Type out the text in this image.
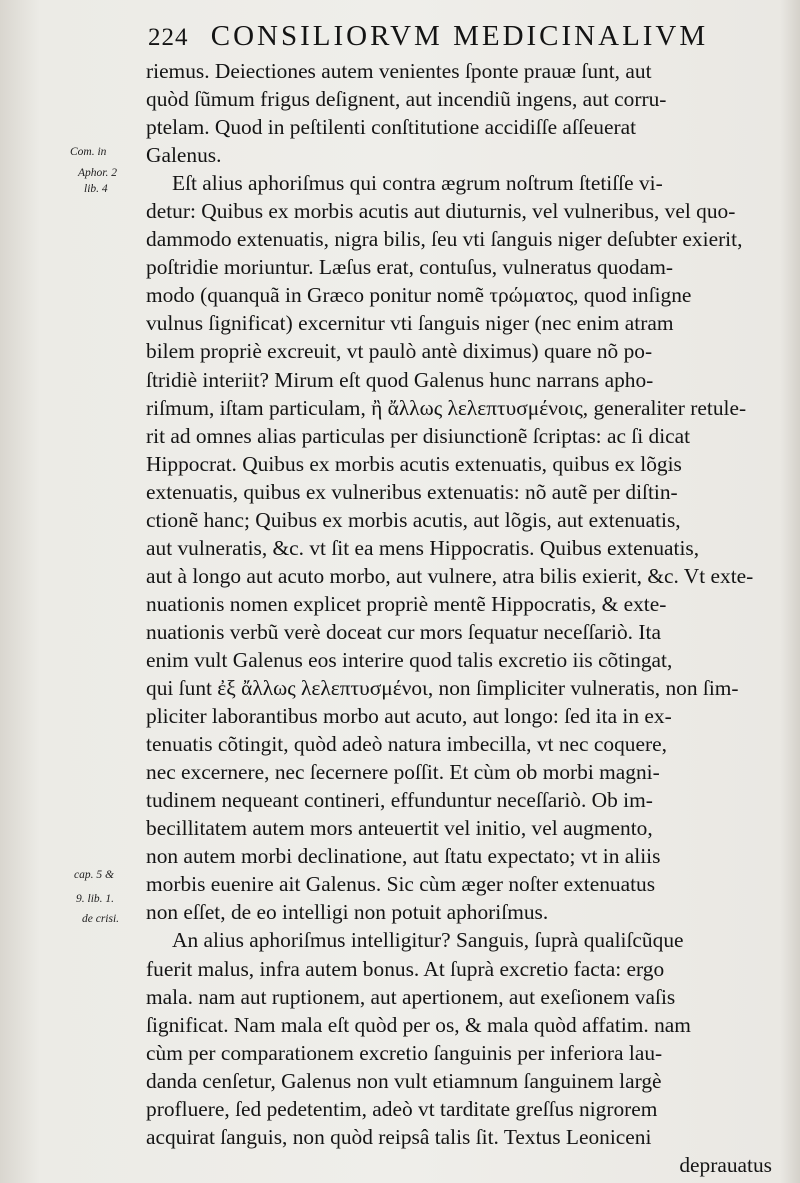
224 CONSILIORVM MEDICINALIVM
Com. in
Aphor. 2
lib. 4
cap. 5 &
9. lib. 1.
de crisi.
riemus. Deiectiones autem venientes ſponte prauæ ſunt, aut
quòd ſũmum frigus deſignent, aut incendiũ ingens, aut corru-
ptelam. Quod in peſtilenti conſtitutione accidiſſe aſſeuerat
Galenus.
Eſt alius aphoriſmus qui contra ægrum noſtrum ſtetiſſe vi-
detur: Quibus ex morbis acutis aut diuturnis, vel vulneribus, vel quo-
dammodo extenuatis, nigra bilis, ſeu vti ſanguis niger deſubter exierit,
poſtridie moriuntur. Læſus erat, contuſus, vulneratus quodam-
modo (quanquã in Græco ponitur nomẽ τρώματος, quod inſigne
vulnus ſignificat) excernitur vti ſanguis niger (nec enim atram
bilem propriè excreuit, vt paulò antè diximus) quare nõ po-
ſtridiè interiit? Mirum eſt quod Galenus hunc narrans apho-
riſmum, iſtam particulam, ἢ ἄλλως λελεπτυσμένοις, generaliter retule-
rit ad omnes alias particulas per disiunctionẽ ſcriptas: ac ſi dicat
Hippocrat. Quibus ex morbis acutis extenuatis, quibus ex lõgis
extenuatis, quibus ex vulneribus extenuatis: nõ autẽ per diſtin-
ctionẽ hanc; Quibus ex morbis acutis, aut lõgis, aut extenuatis,
aut vulneratis, &c. vt ſit ea mens Hippocratis. Quibus extenuatis,
aut à longo aut acuto morbo, aut vulnere, atra bilis exierit, &c. Vt exte-
nuationis nomen explicet propriè mentẽ Hippocratis, & exte-
nuationis verbũ verè doceat cur mors ſequatur neceſſariò. Ita
enim vult Galenus eos interire quod talis excretio iis cõtingat,
qui ſunt ἐξ ἄλλως λελεπτυσμένοι, non ſimpliciter vulneratis, non ſim-
pliciter laborantibus morbo aut acuto, aut longo: ſed ita in ex-
tenuatis cõtingit, quòd adeò natura imbecilla, vt nec coquere,
nec excernere, nec ſecernere poſſit. Et cùm ob morbi magni-
tudinem nequeant contineri, effunduntur neceſſariò. Ob im-
becillitatem autem mors anteuertit vel initio, vel augmento,
non autem morbi declinatione, aut ſtatu expectato; vt in aliis
morbis euenire ait Galenus. Sic cùm æger noſter extenuatus
non eſſet, de eo intelligi non potuit aphoriſmus.
An alius aphoriſmus intelligitur? Sanguis, ſuprà qualiſcũque
fuerit malus, infra autem bonus. At ſuprà excretio facta: ergo
mala. nam aut ruptionem, aut apertionem, aut exeſionem vaſis
ſignificat. Nam mala eſt quòd per os, & mala quòd affatim. nam
cùm per comparationem excretio ſanguinis per inferiora lau-
danda cenſetur, Galenus non vult etiamnum ſanguinem largè
profluere, ſed pedetentim, adeò vt tarditate greſſus nigrorem
acquirat ſanguis, non quòd reipsâ talis ſit. Textus Leoniceni
deprauatus
